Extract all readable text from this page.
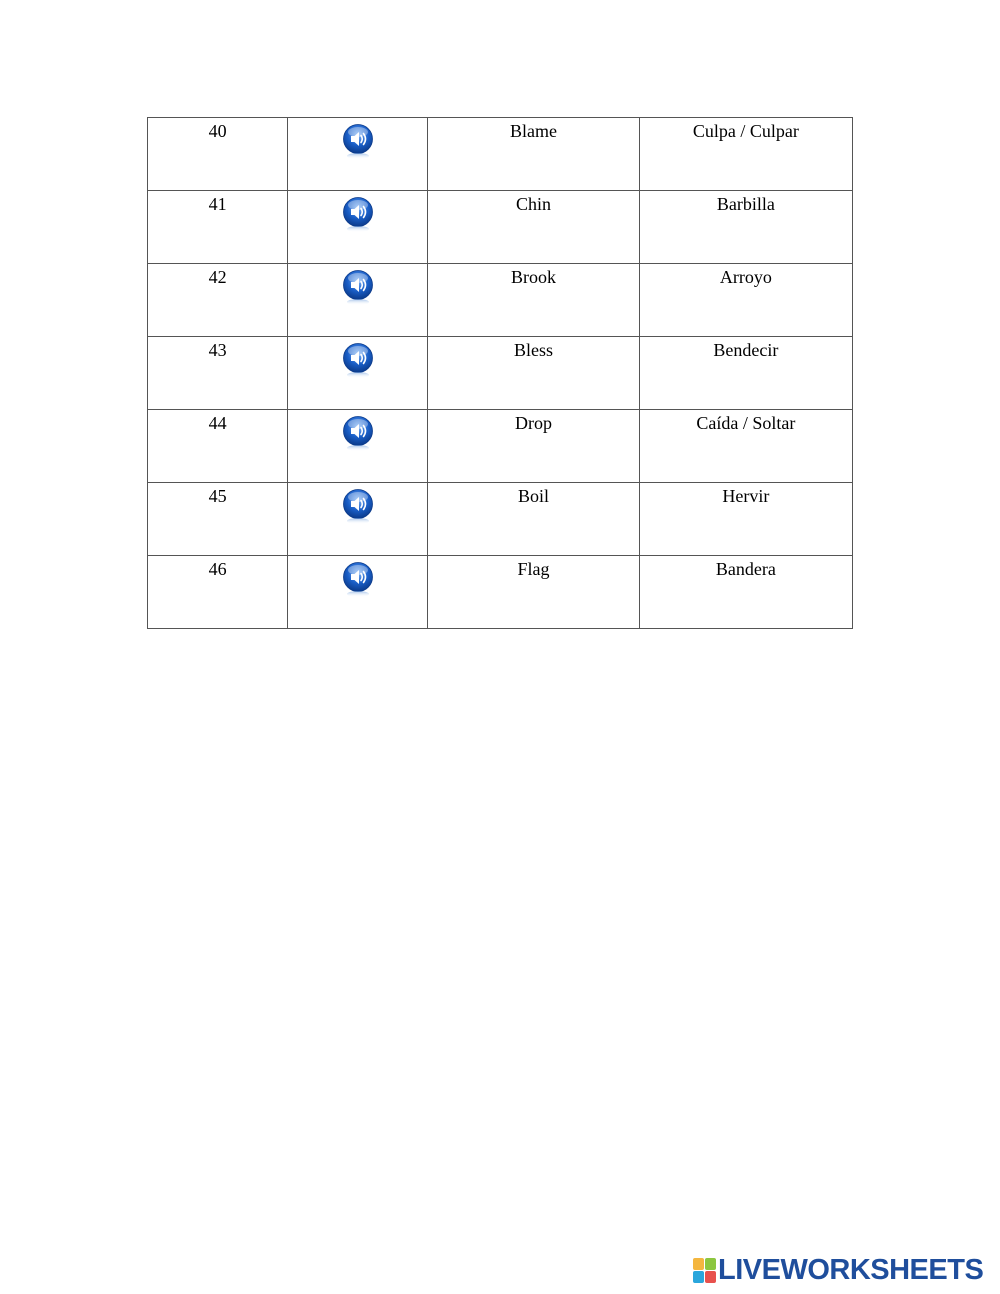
40		Blame	Culpa / Culpar

41		Chin	Barbilla

42		Brook	Arroyo

43		Bless	Bendecir

44		Drop	Caída / Soltar

45		Boil	Hervir

46		Flag	Bandera
LIVEWORKSHEETS
